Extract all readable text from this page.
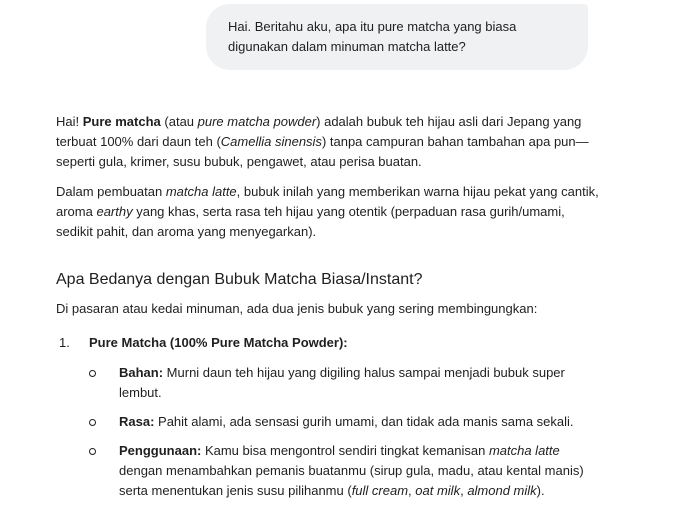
Hai. Beritahu aku, apa itu pure matcha yang biasa digunakan dalam minuman matcha latte?

Hai! Pure matcha (atau pure matcha powder) adalah bubuk teh hijau asli dari Jepang yang terbuat 100% dari daun teh (Camellia sinensis) tanpa campuran bahan tambahan apa pun—seperti gula, krimer, susu bubuk, pengawet, atau perisa buatan.

Dalam pembuatan matcha latte, bubuk inilah yang memberikan warna hijau pekat yang cantik, aroma earthy yang khas, serta rasa teh hijau yang otentik (perpaduan rasa gurih/umami, sedikit pahit, dan aroma yang menyegarkan).

Apa Bedanya dengan Bubuk Matcha Biasa/Instant?

Di pasaran atau kedai minuman, ada dua jenis bubuk yang sering membingungkan:

1. Pure Matcha (100% Pure Matcha Powder):
Bahan: Murni daun teh hijau yang digiling halus sampai menjadi bubuk super lembut.
Rasa: Pahit alami, ada sensasi gurih umami, dan tidak ada manis sama sekali.
Penggunaan: Kamu bisa mengontrol sendiri tingkat kemanisan matcha latte dengan menambahkan pemanis buatanmu (sirup gula, madu, atau kental manis) serta menentukan jenis susu pilihanmu (full cream, oat milk, almond milk).
